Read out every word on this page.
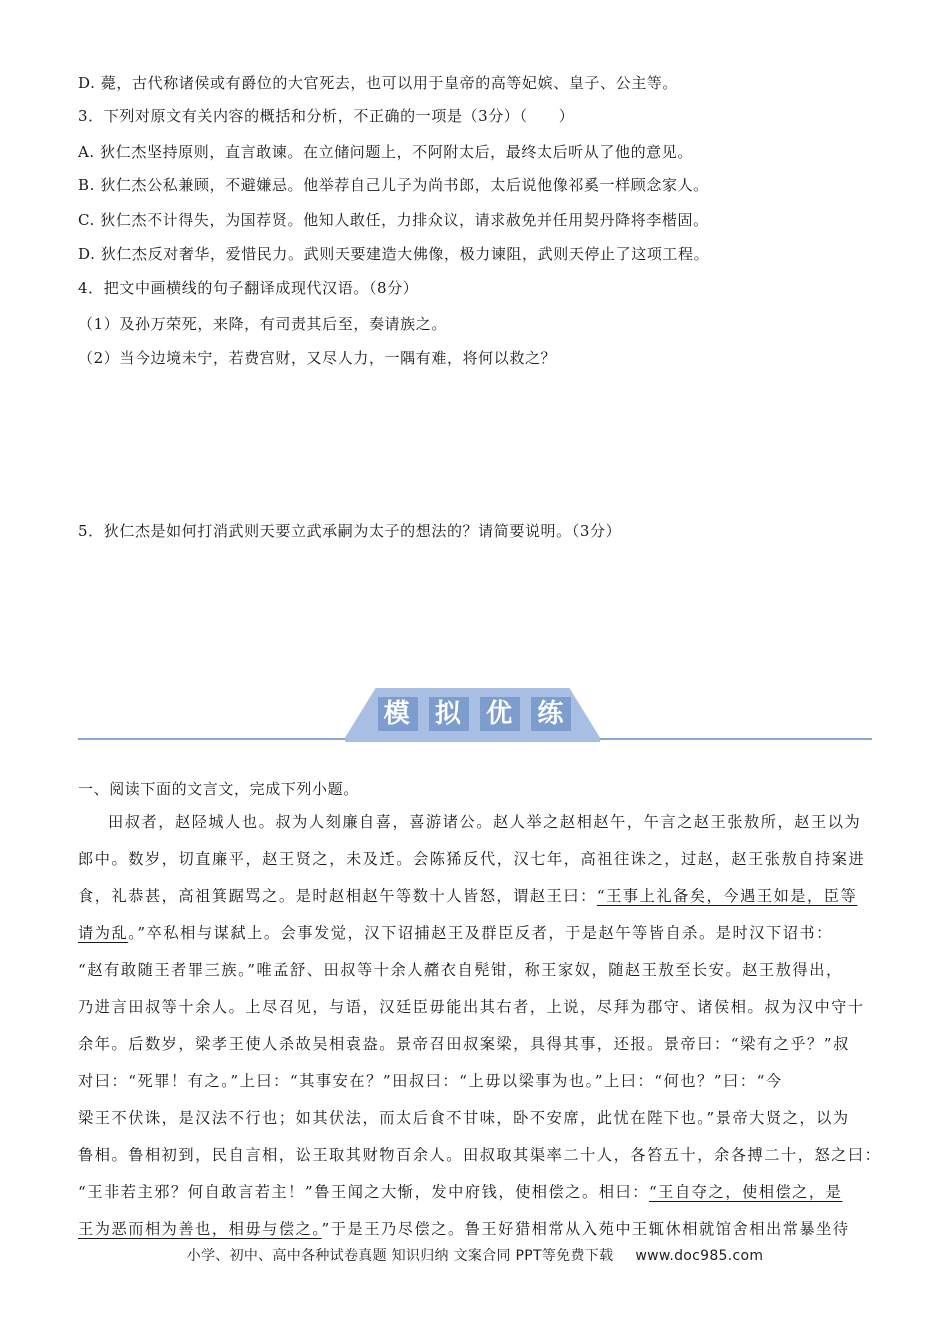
D. 薨，古代称诸侯或有爵位的大官死去，也可以用于皇帝的高等妃嫔、皇子、公主等。
3．下列对原文有关内容的概括和分析，不正确的一项是（3分）（　　）
A. 狄仁杰坚持原则，直言敢谏。在立储问题上，不阿附太后，最终太后听从了他的意见。
B. 狄仁杰公私兼顾，不避嫌忌。他举荐自己儿子为尚书郎，太后说他像祁奚一样顾念家人。
C. 狄仁杰不计得失，为国荐贤。他知人敢任，力排众议，请求赦免并任用契丹降将李楷固。
D. 狄仁杰反对奢华，爱惜民力。武则天要建造大佛像，极力谏阻，武则天停止了这项工程。
4．把文中画横线的句子翻译成现代汉语。（8分）
（1）及孙万荣死，来降，有司责其后至，奏请族之。
（2）当今边境未宁，若费宫财，又尽人力，一隅有难，将何以救之？
5．狄仁杰是如何打消武则天要立武承嗣为太子的想法的？请简要说明。（3分）
模 拟 优 练
一、阅读下面的文言文，完成下列小题。
田叔者，赵陉城人也。叔为人刻廉自喜，喜游诸公。赵人举之赵相赵午，午言之赵王张敖所，赵王以为
郎中。数岁，切直廉平，赵王贤之，未及迁。会陈狶反代，汉七年，高祖往诛之，过赵，赵王张敖自持案进
食，礼恭甚，高祖箕踞骂之。是时赵相赵午等数十人皆怒，谓赵王曰：“王事上礼备矣，今遇王如是，臣等
请为乱。”卒私相与谋弑上。会事发觉，汉下诏捕赵王及群臣反者，于是赵午等皆自杀。是时汉下诏书：
“赵有敢随王者罪三族。”唯孟舒、田叔等十余人赭衣自髡钳，称王家奴，随赵王敖至长安。赵王敖得出，
乃进言田叔等十余人。上尽召见，与语，汉廷臣毋能出其右者，上说，尽拜为郡守、诸侯相。叔为汉中守十
余年。后数岁，梁孝王使人杀故吴相袁盎。景帝召田叔案梁，具得其事，还报。景帝曰：“梁有之乎？”叔
对曰：“死罪！有之。”上曰：“其事安在？”田叔曰：“上毋以梁事为也。”上曰：“何也？”曰：“今
梁王不伏诛，是汉法不行也；如其伏法，而太后食不甘味，卧不安席，此忧在陛下也。”景帝大贤之，以为
鲁相。鲁相初到，民自言相，讼王取其财物百余人。田叔取其渠率二十人，各笞五十，余各搏二十，怒之曰：
“王非若主邪？何自敢言若主！”鲁王闻之大惭，发中府钱，使相偿之。相曰：“王自夺之，使相偿之，是
王为恶而相为善也，相毋与偿之。”于是王乃尽偿之。鲁王好猎相常从入苑中王辄休相就馆舍相出常暴坐待
小学、初中、高中各种试卷真题 知识归纳 文案合同 PPT等免费下载 www.doc985.com
